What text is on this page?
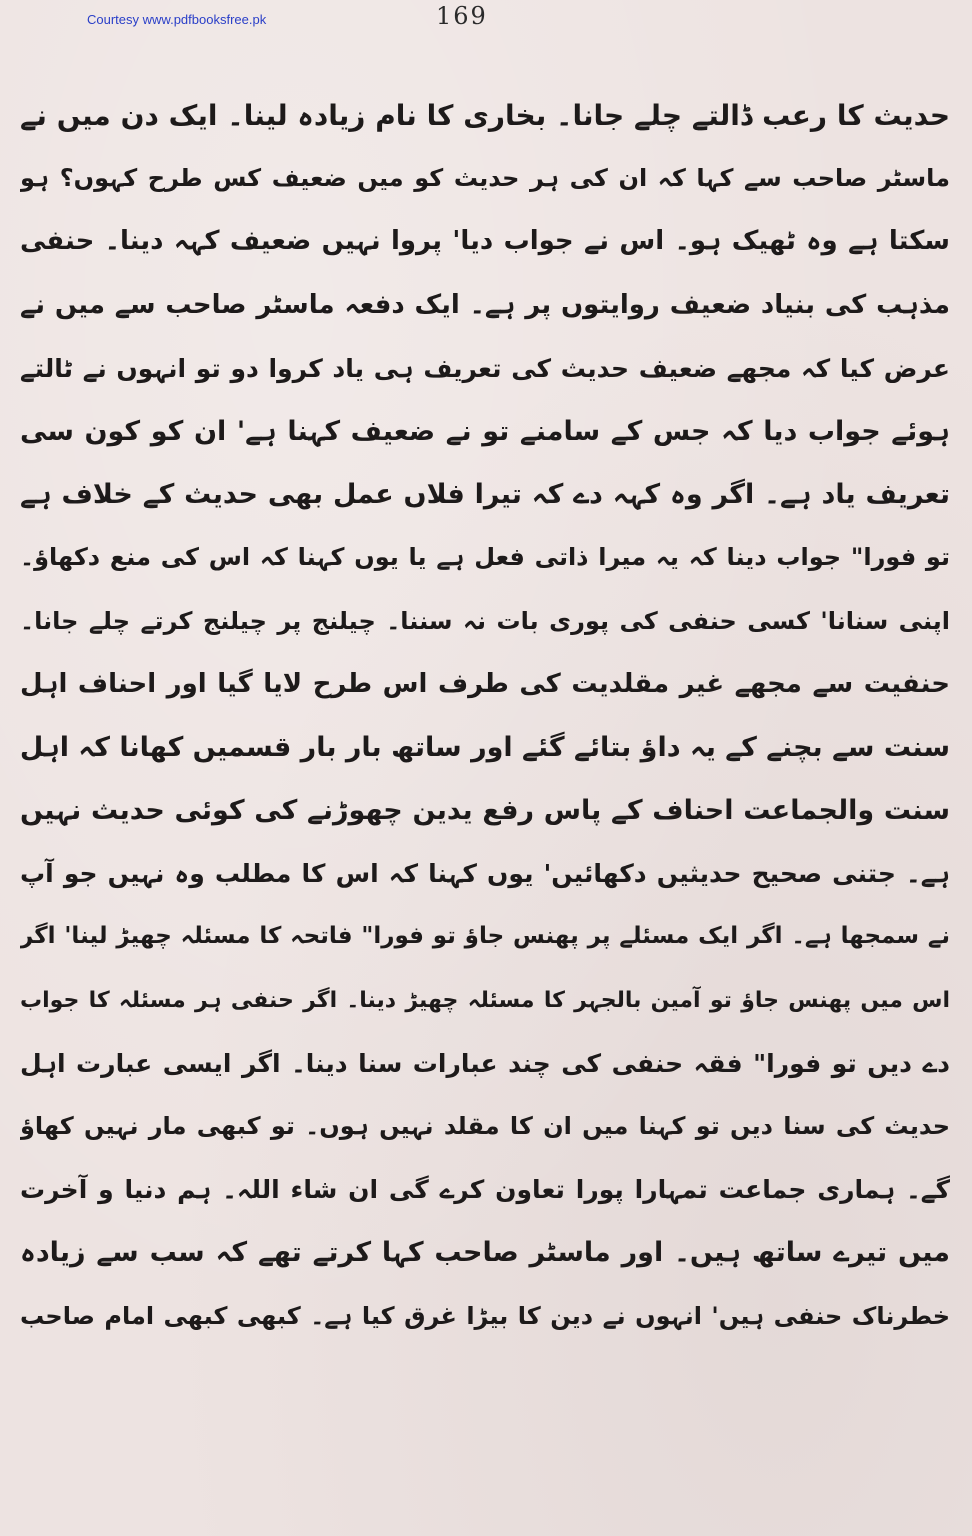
Courtesy www.pdfbooksfree.pk	169
حدیث کا رعب ڈالتے چلے جانا۔ بخاری کا نام زیادہ لینا۔ ایک دن میں نے
ماسٹر صاحب سے کہا کہ ان کی ہر حدیث کو میں ضعیف کس طرح کہوں؟ ہو
سکتا ہے وہ ٹھیک ہو۔ اس نے جواب دیا' پروا نہیں ضعیف کہہ دینا۔ حنفی
مذہب کی بنیاد ضعیف روایتوں پر ہے۔ ایک دفعہ ماسٹر صاحب سے میں نے
عرض کیا کہ مجھے ضعیف حدیث کی تعریف ہی یاد کروا دو تو انہوں نے ٹالتے
ہوئے جواب دیا کہ جس کے سامنے تو نے ضعیف کہنا ہے' ان کو کون سی
تعریف یاد ہے۔ اگر وہ کہہ دے کہ تیرا فلاں عمل بھی حدیث کے خلاف ہے
تو فورا" جواب دینا کہ یہ میرا ذاتی فعل ہے یا یوں کہنا کہ اس کی منع دکھاؤ۔
اپنی سنانا' کسی حنفی کی پوری بات نہ سننا۔ چیلنج پر چیلنج کرتے چلے جانا۔
حنفیت سے مجھے غیر مقلدیت کی طرف اس طرح لایا گیا اور احناف اہل
سنت سے بچنے کے یہ داؤ بتائے گئے اور ساتھ بار بار قسمیں کھانا کہ اہل
سنت والجماعت احناف کے پاس رفع یدین چھوڑنے کی کوئی حدیث نہیں
ہے۔ جتنی صحیح حدیثیں دکھائیں' یوں کہنا کہ اس کا مطلب وہ نہیں جو آپ
نے سمجھا ہے۔ اگر ایک مسئلے پر پھنس جاؤ تو فورا" فاتحہ کا مسئلہ چھیڑ لینا' اگر
اس میں پھنس جاؤ تو آمین بالجہر کا مسئلہ چھیڑ دینا۔ اگر حنفی ہر مسئلہ کا جواب
دے دیں تو فورا" فقہ حنفی کی چند عبارات سنا دینا۔ اگر ایسی عبارت اہل
حدیث کی سنا دیں تو کہنا میں ان کا مقلد نہیں ہوں۔ تو کبھی مار نہیں کھاؤ
گے۔ ہماری جماعت تمہارا پورا تعاون کرے گی ان شاء اللہ۔ ہم دنیا و آخرت
میں تیرے ساتھ ہیں۔ اور ماسٹر صاحب کہا کرتے تھے کہ سب سے زیادہ
خطرناک حنفی ہیں' انہوں نے دین کا بیڑا غرق کیا ہے۔ کبھی کبھی امام صاحب
